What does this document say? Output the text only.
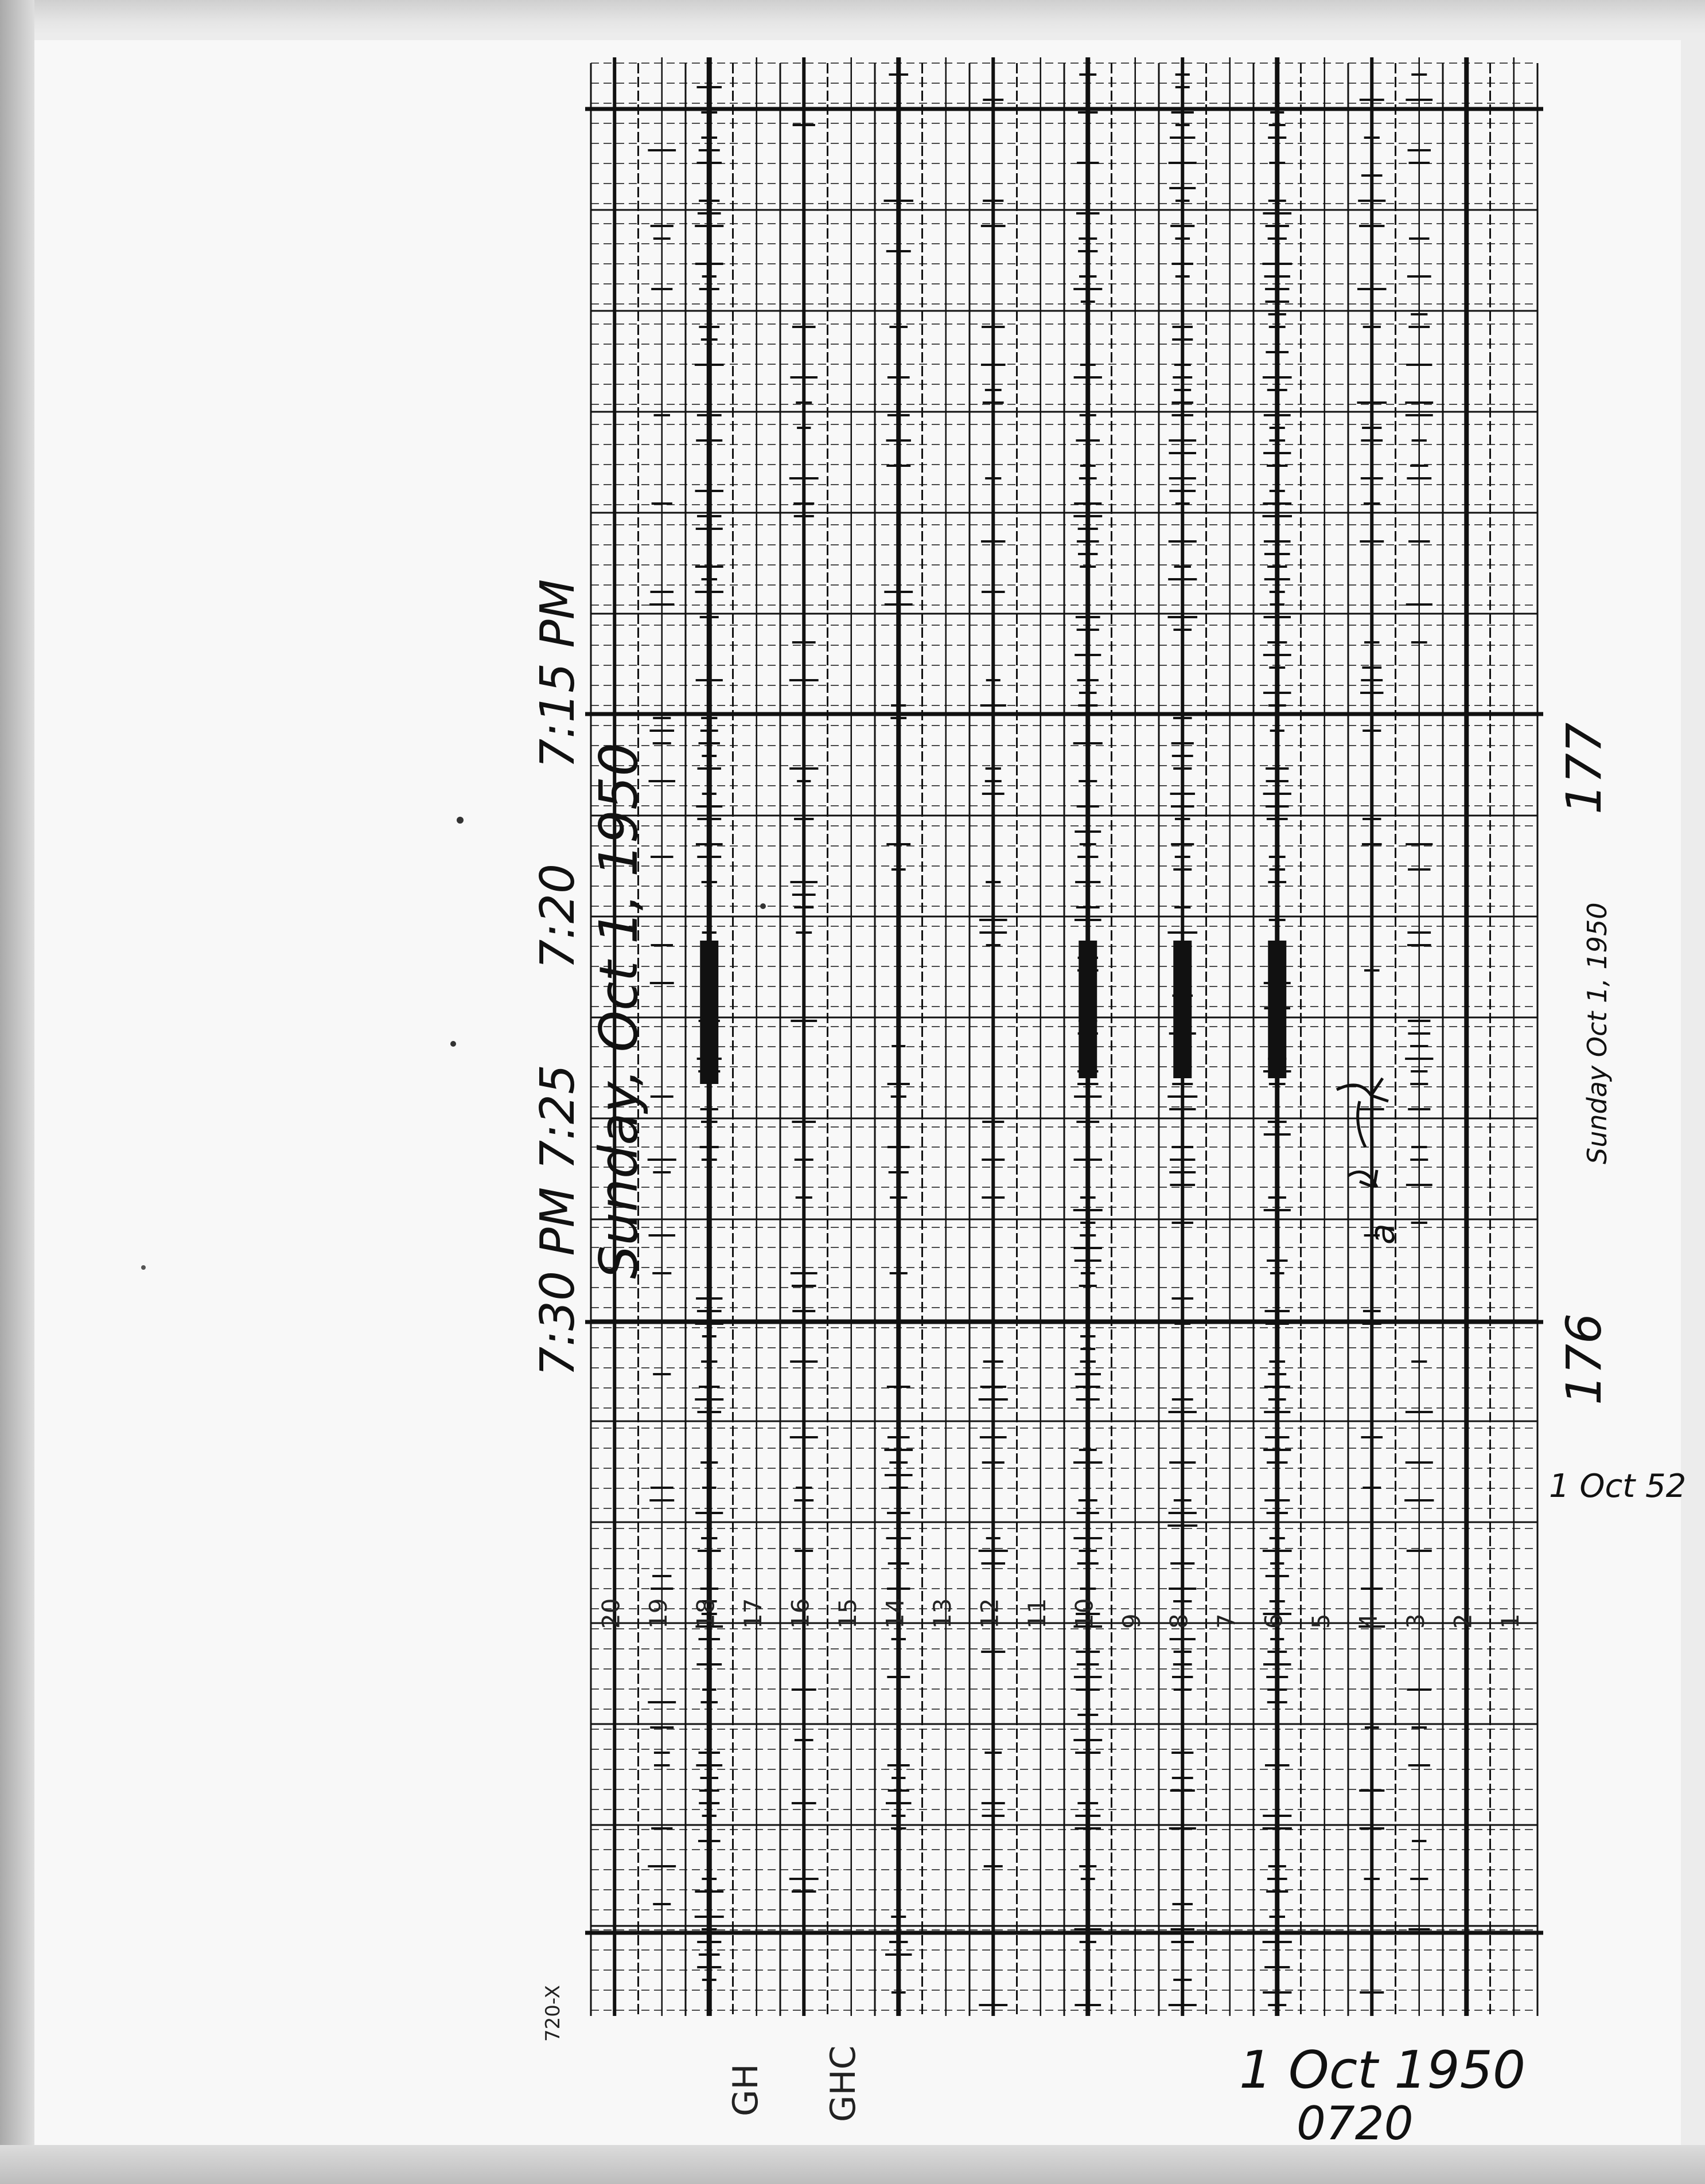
20 19 18 17 16 15 14 13 12 11 10 9 8 7 6 5 4 3 2 1
7:15 PM
7:20
7:25
7:30 PM
Sunday, Oct 1, 1950	177
176
Sunday Oct 1, 1950
1 Oct 52
a
GH GHC
720-X
1 Oct 1950
0720
